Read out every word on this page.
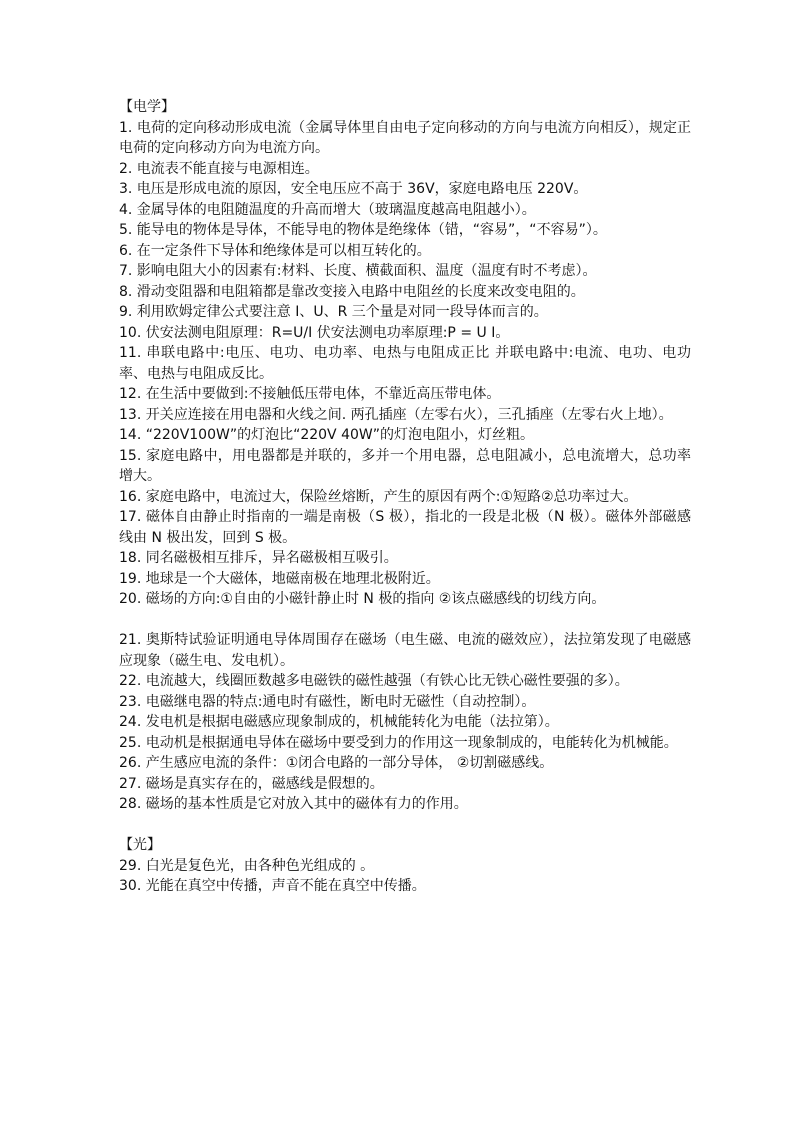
【电学】

1. 电荷的定向移动形成电流（金属导体里自由电子定向移动的方向与电流方向相反），规定正电荷的定向移动方向为电流方向。

2. 电流表不能直接与电源相连。

3. 电压是形成电流的原因，安全电压应不高于 36V，家庭电路电压 220V。

4. 金属导体的电阻随温度的升高而增大（玻璃温度越高电阻越小）。

5. 能导电的物体是导体，不能导电的物体是绝缘体（错，“容易”，“不容易”）。

6. 在一定条件下导体和绝缘体是可以相互转化的。

7. 影响电阻大小的因素有:材料、长度、横截面积、温度（温度有时不考虑）。

8. 滑动变阻器和电阻箱都是靠改变接入电路中电阻丝的长度来改变电阻的。

9. 利用欧姆定律公式要注意 I、U、R 三个量是对同一段导体而言的。

10. 伏安法测电阻原理：R=U/I 伏安法测电功率原理:P = U I。

11. 串联电路中:电压、电功、电功率、电热与电阻成正比 并联电路中:电流、电功、电功率、电热与电阻成反比。

12. 在生活中要做到:不接触低压带电体，不靠近高压带电体。

13. 开关应连接在用电器和火线之间. 两孔插座（左零右火），三孔插座（左零右火上地）。

14. “220V100W”的灯泡比“220V 40W”的灯泡电阻小，灯丝粗。

15. 家庭电路中，用电器都是并联的，多并一个用电器，总电阻减小，总电流增大，总功率增大。

16. 家庭电路中，电流过大，保险丝熔断，产生的原因有两个:①短路②总功率过大。

17. 磁体自由静止时指南的一端是南极（S 极），指北的一段是北极（N 极）。磁体外部磁感线由 N 极出发，回到 S 极。

18. 同名磁极相互排斥，异名磁极相互吸引。

19. 地球是一个大磁体，地磁南极在地理北极附近。

20. 磁场的方向:①自由的小磁针静止时 N 极的指向 ②该点磁感线的切线方向。

21. 奥斯特试验证明通电导体周围存在磁场（电生磁、电流的磁效应），法拉第发现了电磁感应现象（磁生电、发电机）。

22. 电流越大，线圈匝数越多电磁铁的磁性越强（有铁心比无铁心磁性要强的多）。

23. 电磁继电器的特点:通电时有磁性，断电时无磁性（自动控制）。

24. 发电机是根据电磁感应现象制成的，机械能转化为电能（法拉第）。

25. 电动机是根据通电导体在磁场中要受到力的作用这一现象制成的，电能转化为机械能。

26. 产生感应电流的条件：①闭合电路的一部分导体， ②切割磁感线。

27. 磁场是真实存在的，磁感线是假想的。

28. 磁场的基本性质是它对放入其中的磁体有力的作用。

【光】

29. 白光是复色光，由各种色光组成的 。

30. 光能在真空中传播，声音不能在真空中传播。
